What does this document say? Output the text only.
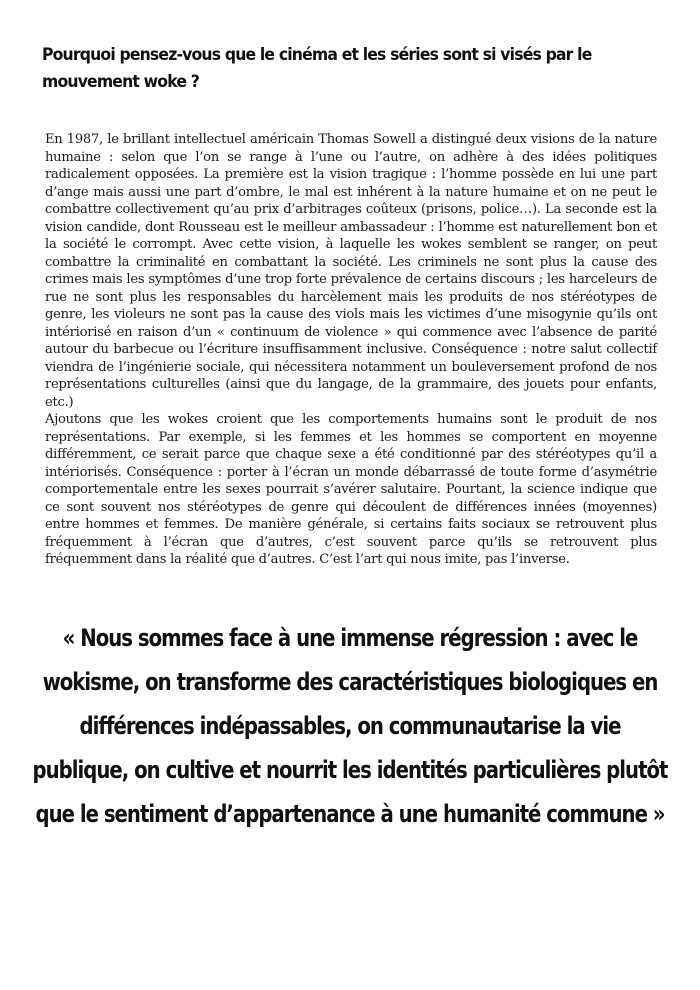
Pourquoi pensez-vous que le cinéma et les séries sont si visés par le mouvement woke ?

En 1987, le brillant intellectuel américain Thomas Sowell a distingué deux visions de la nature humaine : selon que l’on se range à l’une ou l’autre, on adhère à des idées politiques radicalement opposées. La première est la vision tragique : l’homme possède en lui une part d’ange mais aussi une part d’ombre, le mal est inhérent à la nature humaine et on ne peut le combattre collectivement qu’au prix d’arbitrages coûteux (prisons, police…). La seconde est la vision candide, dont Rousseau est le meilleur ambassadeur : l’homme est naturellement bon et la société le corrompt. Avec cette vision, à laquelle les wokes semblent se ranger, on peut combattre la criminalité en combattant la société. Les criminels ne sont plus la cause des crimes mais les symptômes d’une trop forte prévalence de certains discours ; les harceleurs de rue ne sont plus les responsables du harcèlement mais les produits de nos stéréotypes de genre, les violeurs ne sont pas la cause des viols mais les victimes d’une misogynie qu’ils ont intériorisé en raison d’un « continuum de violence » qui commence avec l’absence de parité autour du barbecue ou l’écriture insuffisamment inclusive. Conséquence : notre salut collectif viendra de l’ingénierie sociale, qui nécessitera notamment un bouleversement profond de nos représentations culturelles (ainsi que du langage, de la grammaire, des jouets pour enfants, etc.)

Ajoutons que les wokes croient que les comportements humains sont le produit de nos représentations. Par exemple, si les femmes et les hommes se comportent en moyenne différemment, ce serait parce que chaque sexe a été conditionné par des stéréotypes qu’il a intériorisés. Conséquence : porter à l’écran un monde débarrassé de toute forme d’asymétrie comportementale entre les sexes pourrait s’avérer salutaire. Pourtant, la science indique que ce sont souvent nos stéréotypes de genre qui découlent de différences innées (moyennes) entre hommes et femmes. De manière générale, si certains faits sociaux se retrouvent plus fréquemment à l’écran que d’autres, c’est souvent parce qu’ils se retrouvent plus fréquemment dans la réalité que d’autres. C’est l’art qui nous imite, pas l’inverse.

« Nous sommes face à une immense régression : avec le wokisme, on transforme des caractéristiques biologiques en différences indépassables, on communautarise la vie publique, on cultive et nourrit les identités particulières plutôt que le sentiment d’appartenance à une humanité commune »
